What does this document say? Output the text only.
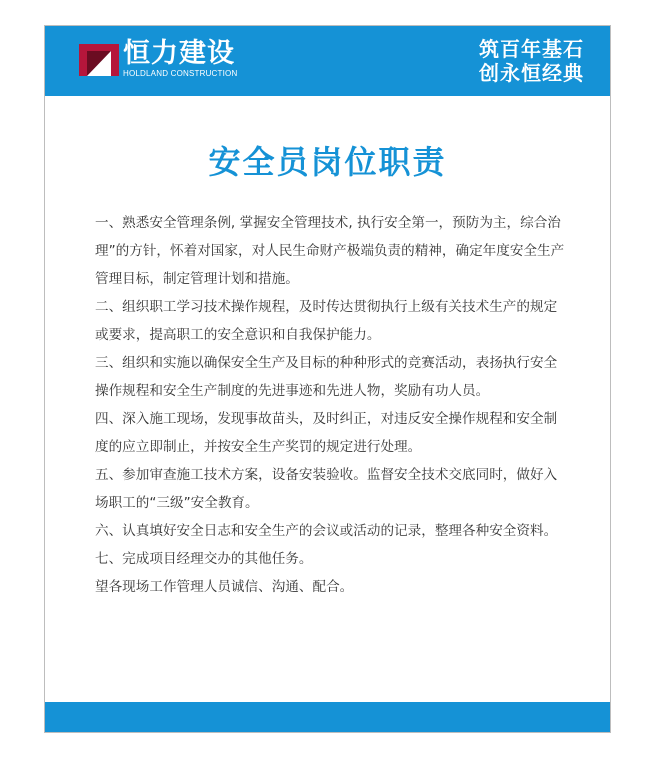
恒力建设
HOLDLAND CONSTRUCTION
筑百年基石
创永恒经典
安全员岗位职责

一、熟悉安全管理条例, 掌握安全管理技术, 执行安全第一，预防为主，综合治理”的方针，怀着对国家，对人民生命财产极端负责的精神，确定年度安全生产管理目标，制定管理计划和措施。

二、组织职工学习技术操作规程，及时传达贯彻执行上级有关技术生产的规定或要求，提高职工的安全意识和自我保护能力。

三、组织和实施以确保安全生产及目标的种种形式的竞赛活动，表扬执行安全操作规程和安全生产制度的先进事迹和先进人物，奖励有功人员。

四、深入施工现场，发现事故苗头，及时纠正，对违反安全操作规程和安全制度的应立即制止，并按安全生产奖罚的规定进行处理。

五、参加审查施工技术方案，设备安装验收。监督安全技术交底同时，做好入场职工的“三级”安全教育。

六、认真填好安全日志和安全生产的会议或活动的记录，整理各种安全资料。

七、完成项目经理交办的其他任务。

望各现场工作管理人员诚信、沟通、配合。
